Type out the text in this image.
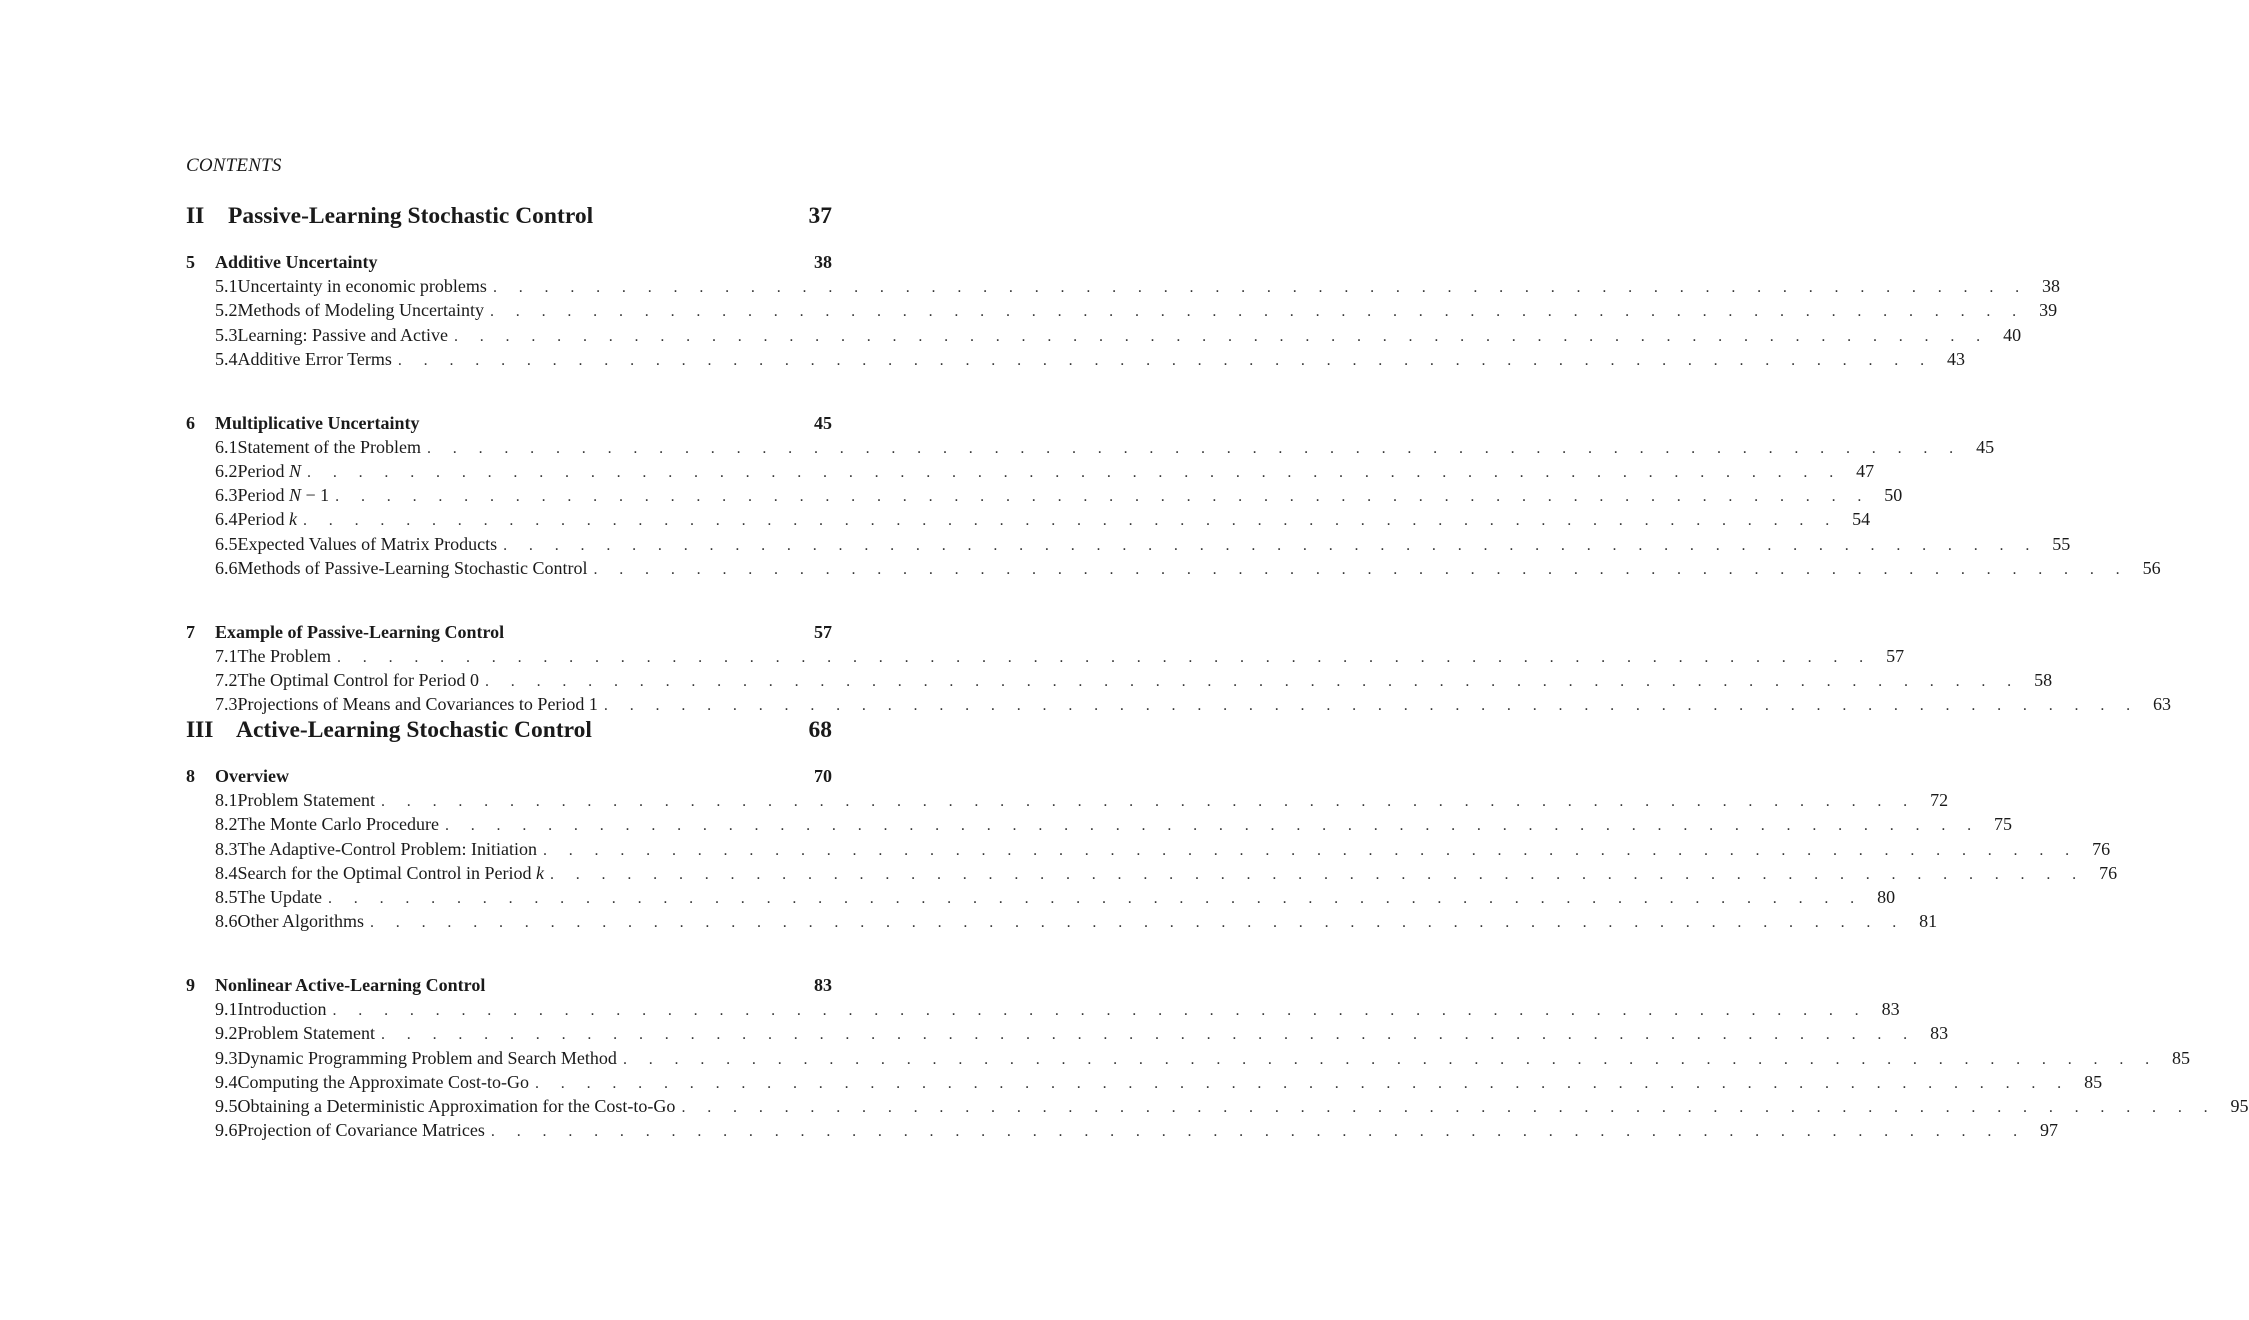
CONTENTS
II	Passive-Learning Stochastic Control	37
5	Additive Uncertainty	38
5.1 Uncertainty in economic problems . . . . . . . . . . . . . . . . . . . . . . . . . . . . . . . . . . . . . . . . . . . . . . . . . . . . . . . . . . . . 38
5.2 Methods of Modeling Uncertainty . . . . . . . . . . . . . . . . . . . . . . . . . . . . . . . . . . . . . . . . . . . . . . . . . . . . . . . . . . . . 39
5.3 Learning: Passive and Active . . . . . . . . . . . . . . . . . . . . . . . . . . . . . . . . . . . . . . . . . . . . . . . . . . . . . . . . . . . . 40
5.4 Additive Error Terms . . . . . . . . . . . . . . . . . . . . . . . . . . . . . . . . . . . . . . . . . . . . . . . . . . . . . . . . . . . . 43
6	Multiplicative Uncertainty	45
6.1 Statement of the Problem . . . . . . . . . . . . . . . . . . . . . . . . . . . . . . . . . . . . . . . . . . . . . . . . . . . . . . . . . . . . 45
6.2 Period N . . . . . . . . . . . . . . . . . . . . . . . . . . . . . . . . . . . . . . . . . . . . . . . . . . . . . . . . . . . . 47
6.3 Period N − 1 . . . . . . . . . . . . . . . . . . . . . . . . . . . . . . . . . . . . . . . . . . . . . . . . . . . . . . . . . . . . 50
6.4 Period k . . . . . . . . . . . . . . . . . . . . . . . . . . . . . . . . . . . . . . . . . . . . . . . . . . . . . . . . . . . . 54
6.5 Expected Values of Matrix Products . . . . . . . . . . . . . . . . . . . . . . . . . . . . . . . . . . . . . . . . . . . . . . . . . . . . . . . . . . . . 55
6.6 Methods of Passive-Learning Stochastic Control . . . . . . . . . . . . . . . . . . . . . . . . . . . . . . . . . . . . . . . . . . . . . . . . . . . . . . . . . . . . 56
7	Example of Passive-Learning Control	57
7.1 The Problem . . . . . . . . . . . . . . . . . . . . . . . . . . . . . . . . . . . . . . . . . . . . . . . . . . . . . . . . . . . . 57
7.2 The Optimal Control for Period 0 . . . . . . . . . . . . . . . . . . . . . . . . . . . . . . . . . . . . . . . . . . . . . . . . . . . . . . . . . . . . 58
7.3 Projections of Means and Covariances to Period 1 . . . . . . . . . . . . . . . . . . . . . . . . . . . . . . . . . . . . . . . . . . . . . . . . . . . . . . . . . . . . 63
III Active-Learning Stochastic Control	68
8	Overview	70
8.1 Problem Statement . . . . . . . . . . . . . . . . . . . . . . . . . . . . . . . . . . . . . . . . . . . . . . . . . . . . . . . . . . . . 72
8.2 The Monte Carlo Procedure . . . . . . . . . . . . . . . . . . . . . . . . . . . . . . . . . . . . . . . . . . . . . . . . . . . . . . . . . . . . 75
8.3 The Adaptive-Control Problem: Initiation . . . . . . . . . . . . . . . . . . . . . . . . . . . . . . . . . . . . . . . . . . . . . . . . . . . . . . . . . . . . 76
8.4 Search for the Optimal Control in Period k . . . . . . . . . . . . . . . . . . . . . . . . . . . . . . . . . . . . . . . . . . . . . . . . . . . . . . . . . . . . 76
8.5 The Update . . . . . . . . . . . . . . . . . . . . . . . . . . . . . . . . . . . . . . . . . . . . . . . . . . . . . . . . . . . . 80
8.6 Other Algorithms . . . . . . . . . . . . . . . . . . . . . . . . . . . . . . . . . . . . . . . . . . . . . . . . . . . . . . . . . . . . 81
9	Nonlinear Active-Learning Control	83
9.1 Introduction . . . . . . . . . . . . . . . . . . . . . . . . . . . . . . . . . . . . . . . . . . . . . . . . . . . . . . . . . . . . 83
9.2 Problem Statement . . . . . . . . . . . . . . . . . . . . . . . . . . . . . . . . . . . . . . . . . . . . . . . . . . . . . . . . . . . . 83
9.3 Dynamic Programming Problem and Search Method . . . . . . . . . . . . . . . . . . . . . . . . . . . . . . . . . . . . . . . . . . . . . . . . . . . . . . . . . . . . 85
9.4 Computing the Approximate Cost-to-Go . . . . . . . . . . . . . . . . . . . . . . . . . . . . . . . . . . . . . . . . . . . . . . . . . . . . . . . . . . . . 85
9.5 Obtaining a Deterministic Approximation for the Cost-to-Go . . . . . . . . . . . . . . . . . . . . . . . . . . . . . . . . . . . . . . . . . . . . . . . . . . . . . . . . . . . . 95
9.6 Projection of Covariance Matrices . . . . . . . . . . . . . . . . . . . . . . . . . . . . . . . . . . . . . . . . . . . . . . . . . . . . . . . . . . . . 97
